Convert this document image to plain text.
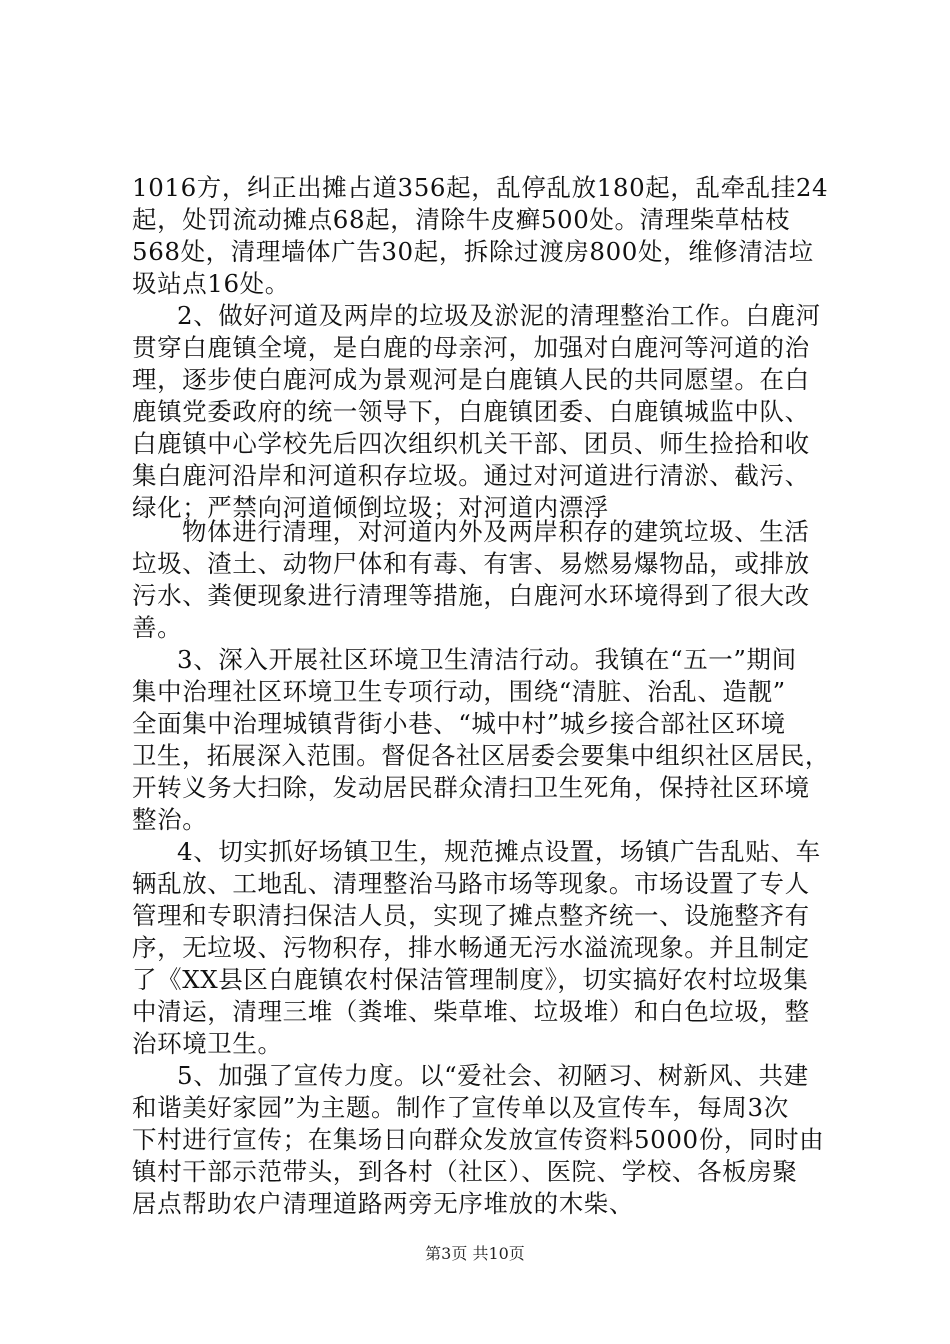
1016方，纠正出摊占道356起，乱停乱放180起，乱牵乱挂24
起，处罚流动摊点68起，清除牛皮癣500处。清理柴草枯枝
568处，清理墙体广告30起，拆除过渡房800处，维修清洁垃
圾站点16处。
2、做好河道及两岸的垃圾及淤泥的清理整治工作。白鹿河
贯穿白鹿镇全境，是白鹿的母亲河，加强对白鹿河等河道的治
理，逐步使白鹿河成为景观河是白鹿镇人民的共同愿望。在白
鹿镇党委政府的统一领导下，白鹿镇团委、白鹿镇城监中队、
白鹿镇中心学校先后四次组织机关干部、团员、师生捡拾和收
集白鹿河沿岸和河道积存垃圾。通过对河道进行清淤、截污、
绿化；严禁向河道倾倒垃圾；对河道内漂浮
物体进行清理，对河道内外及两岸积存的建筑垃圾、生活
垃圾、渣土、动物尸体和有毒、有害、易燃易爆物品，或排放
污水、粪便现象进行清理等措施，白鹿河水环境得到了很大改
善。
3、深入开展社区环境卫生清洁行动。我镇在“五一”期间
集中治理社区环境卫生专项行动，围绕“清脏、治乱、造靓”
全面集中治理城镇背街小巷、“城中村”城乡接合部社区环境
卫生，拓展深入范围。督促各社区居委会要集中组织社区居民，
开转义务大扫除，发动居民群众清扫卫生死角，保持社区环境
整治。
4、切实抓好场镇卫生，规范摊点设置，场镇广告乱贴、车
辆乱放、工地乱、清理整治马路市场等现象。市场设置了专人
管理和专职清扫保洁人员，实现了摊点整齐统一、设施整齐有
序，无垃圾、污物积存，排水畅通无污水溢流现象。并且制定
了《XX县区白鹿镇农村保洁管理制度》，切实搞好农村垃圾集
中清运，清理三堆（粪堆、柴草堆、垃圾堆）和白色垃圾，整
治环境卫生。
5、加强了宣传力度。以“爱社会、初陋习、树新风、共建
和谐美好家园”为主题。制作了宣传单以及宣传车，每周3次
下村进行宣传；在集场日向群众发放宣传资料5000份，同时由
镇村干部示范带头，到各村（社区）、医院、学校、各板房聚
居点帮助农户清理道路两旁无序堆放的木柴、
第3页 共10页
